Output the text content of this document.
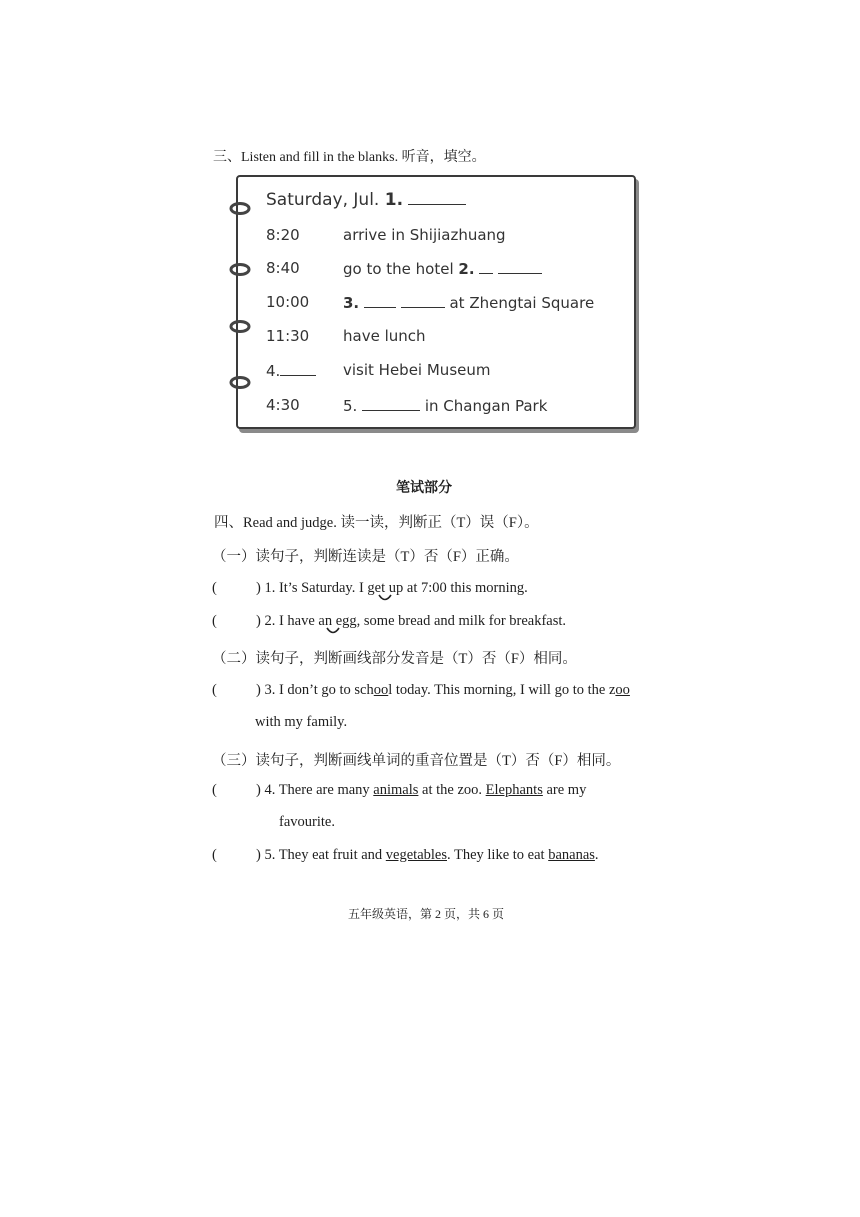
三、Listen and fill in the blanks. 听音，填空。
Saturday, Jul. 1.
8:20	arrive in Shijiazhuang
8:40	go to the hotel 2.
10:00 3.	at Zhengtai Square
11:30 have lunch
4.	visit Hebei Museum
4:30	5.	in Changan Park
笔试部分
四、Read and judge. 读一读，判断正（T）误（F）。
（一）读句子，判断连读是（T）否（F）正确。
(	) 1. It’s Saturday. I get up at 7:00 this morning.
(	) 2. I have an egg, some bread and milk for breakfast.
（二）读句子，判断画线部分发音是（T）否（F）相同。
(	) 3. I don’t go to school today. This morning, I will go to the zoo
with my family.
（三）读句子，判断画线单词的重音位置是（T）否（F）相同。
(	) 4. There are many animals at the zoo. Elephants are my
favourite.
(	) 5. They eat fruit and vegetables. They like to eat bananas.
五年级英语，第 2 页，共 6 页
